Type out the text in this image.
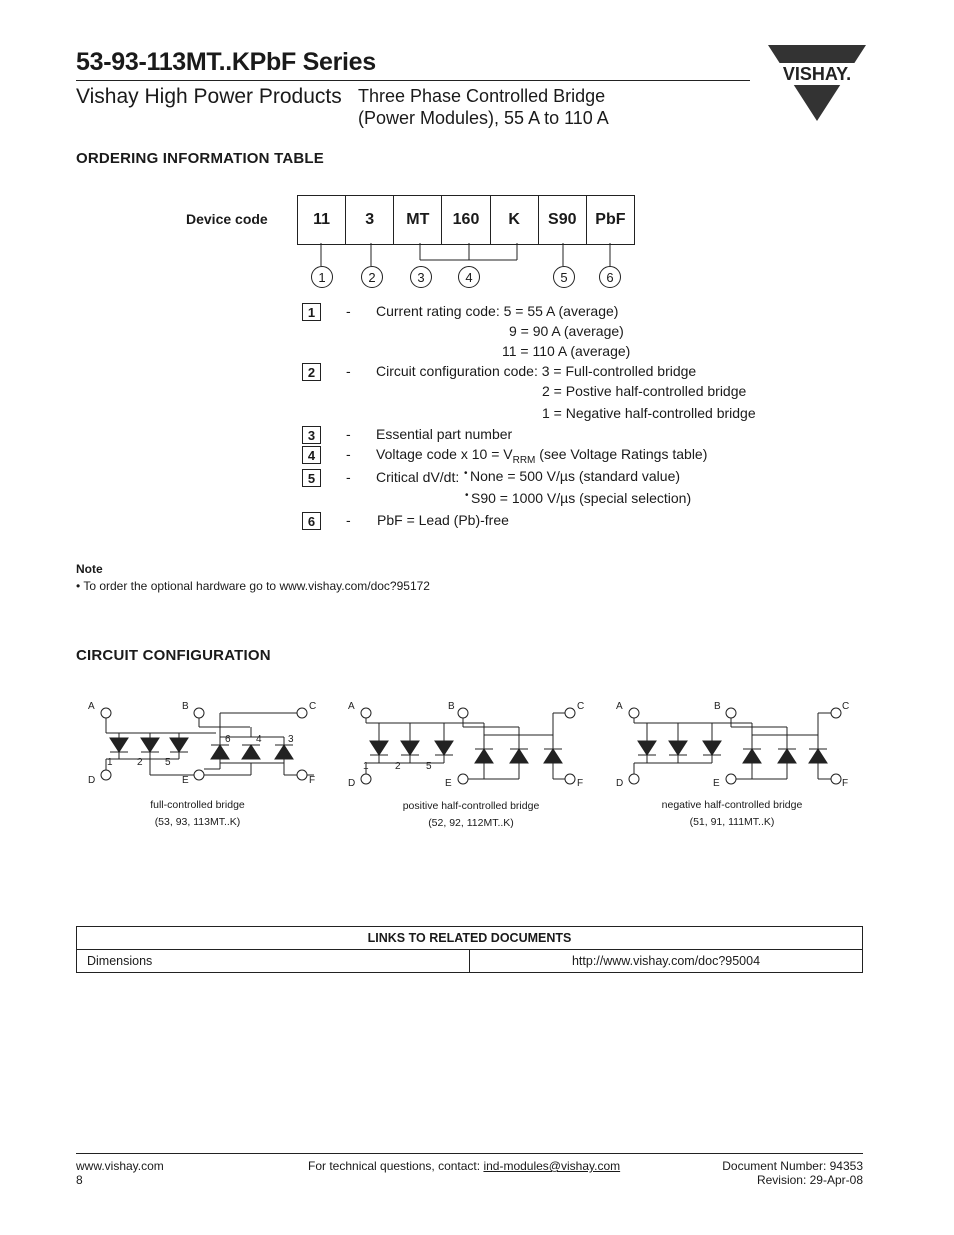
53-93-113MT..KPbF Series
Vishay High Power Products Three Phase Controlled Bridge
(Power Modules), 55 A to 110 A
VISHAY.
ORDERING INFORMATION TABLE
Device code	11	3	MT	160	K	S90	PbF
1	2	3	4	5	6
1	- Current rating code: 5 = 55 A (average)
9 = 90 A (average)
11 = 110 A (average)
2	- Circuit configuration code: 3 = Full-controlled bridge
2 = Postive half-controlled bridge
1 = Negative half-controlled bridge
3	- Essential part number
4	- Voltage code x $10 = V_{RRM}$ (see Voltage Ratings table)
5	- Critical dV/dt: • None = 500 V/µs (standard value)
• S90 = 1000 V/µs (special selection)
6	- PbF = Lead (Pb)-free
Note
• To order the optional hardware go to www.vishay.com/doc?95172
CIRCUIT CONFIGURATION
A	B	C
D	E	F
1 2 5
6	4	3
full-controlled bridge
(53, 93, 113MT..K)
A	B	C
D	E	F
1	2	5
positive half-controlled bridge
(52, 92, 112MT..K)
A	B	C
D	E	F
negative half-controlled bridge
(51, 91, 111MT..K)
LINKS TO RELATED DOCUMENTS
Dimensions	http://www.vishay.com/doc?95004
www.vishay.com
8
For technical questions, contact: ind-modules@vishay.com	Document Number: 94353
Revision: 29-Apr-08
